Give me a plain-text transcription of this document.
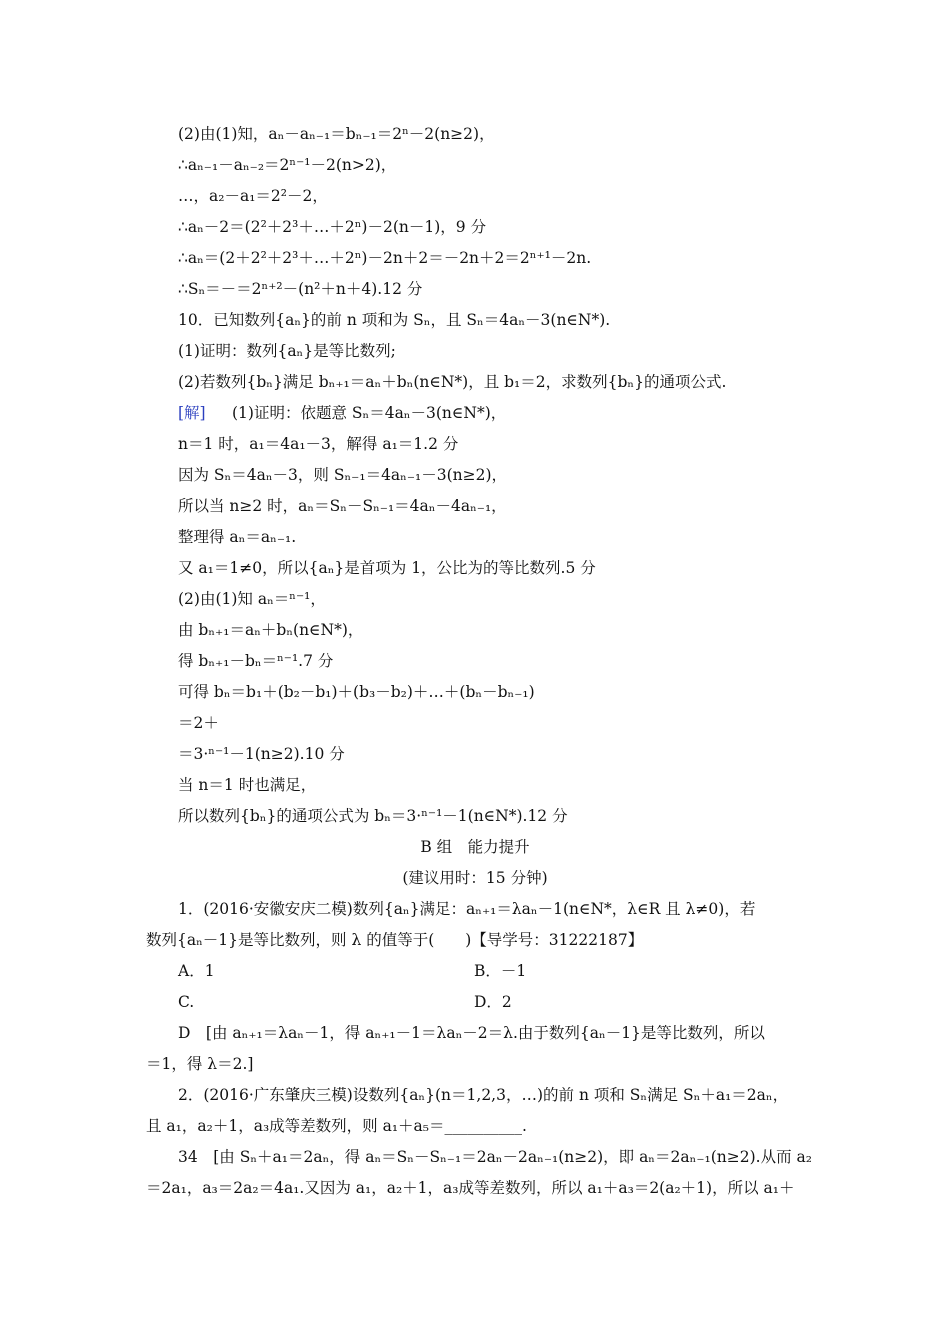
(2)由(1)知，aₙ－aₙ₋₁＝bₙ₋₁＝2ⁿ－2(n≥2)，
∴aₙ₋₁－aₙ₋₂＝2ⁿ⁻¹－2(n>2)，
…，a₂－a₁＝2²－2，
∴aₙ－2＝(2²＋2³＋…＋2ⁿ)－2(n－1)，9 分
∴aₙ＝(2＋2²＋2³＋…＋2ⁿ)－2n＋2＝－2n＋2＝2ⁿ⁺¹－2n.
∴Sₙ＝－＝2ⁿ⁺²－(n²＋n＋4).12 分
10．已知数列{aₙ}的前 n 项和为 Sₙ，且 Sₙ＝4aₙ－3(n∈N*).
(1)证明：数列{aₙ}是等比数列;
(2)若数列{bₙ}满足 bₙ₊₁＝aₙ＋bₙ(n∈N*)，且 b₁＝2，求数列{bₙ}的通项公式.
[解] (1)证明：依题意 Sₙ＝4aₙ－3(n∈N*)，
n＝1 时，a₁＝4a₁－3，解得 a₁＝1.2 分
因为 Sₙ＝4aₙ－3，则 Sₙ₋₁＝4aₙ₋₁－3(n≥2)，
所以当 n≥2 时，aₙ＝Sₙ－Sₙ₋₁＝4aₙ－4aₙ₋₁，
整理得 aₙ＝aₙ₋₁.
又 a₁＝1≠0，所以{aₙ}是首项为 1，公比为的等比数列.5 分
(2)由(1)知 aₙ＝ⁿ⁻¹，
由 bₙ₊₁＝aₙ＋bₙ(n∈N*)，
得 bₙ₊₁－bₙ＝ⁿ⁻¹.7 分
可得 bₙ＝b₁＋(b₂－b₁)＋(b₃－b₂)＋…＋(bₙ－bₙ₋₁)
＝2＋
＝3·ⁿ⁻¹－1(n≥2).10 分
当 n＝1 时也满足，
所以数列{bₙ}的通项公式为 bₙ＝3·ⁿ⁻¹－1(n∈N*).12 分
B 组　能力提升
(建议用时：15 分钟)
1．(2016·安徽安庆二模)数列{aₙ}满足：aₙ₊₁＝λaₙ－1(n∈N*，λ∈R 且 λ≠0)，若
数列{aₙ－1}是等比数列，则 λ 的值等于(　　)【导学号：31222187】
A．1	B．－1
C.	D．2
D　[由 aₙ₊₁＝λaₙ－1，得 aₙ₊₁－1＝λaₙ－2＝λ.由于数列{aₙ－1}是等比数列，所以
＝1，得 λ＝2.]
2．(2016·广东肇庆三模)设数列{aₙ}(n＝1,2,3，…)的前 n 项和 Sₙ满足 Sₙ＋a₁＝2aₙ，
且 a₁，a₂＋1，a₃成等差数列，则 a₁＋a₅＝__________.
34　[由 Sₙ＋a₁＝2aₙ，得 aₙ＝Sₙ－Sₙ₋₁＝2aₙ－2aₙ₋₁(n≥2)，即 aₙ＝2aₙ₋₁(n≥2).从而 a₂
＝2a₁，a₃＝2a₂＝4a₁.又因为 a₁，a₂＋1，a₃成等差数列，所以 a₁＋a₃＝2(a₂＋1)，所以 a₁＋
